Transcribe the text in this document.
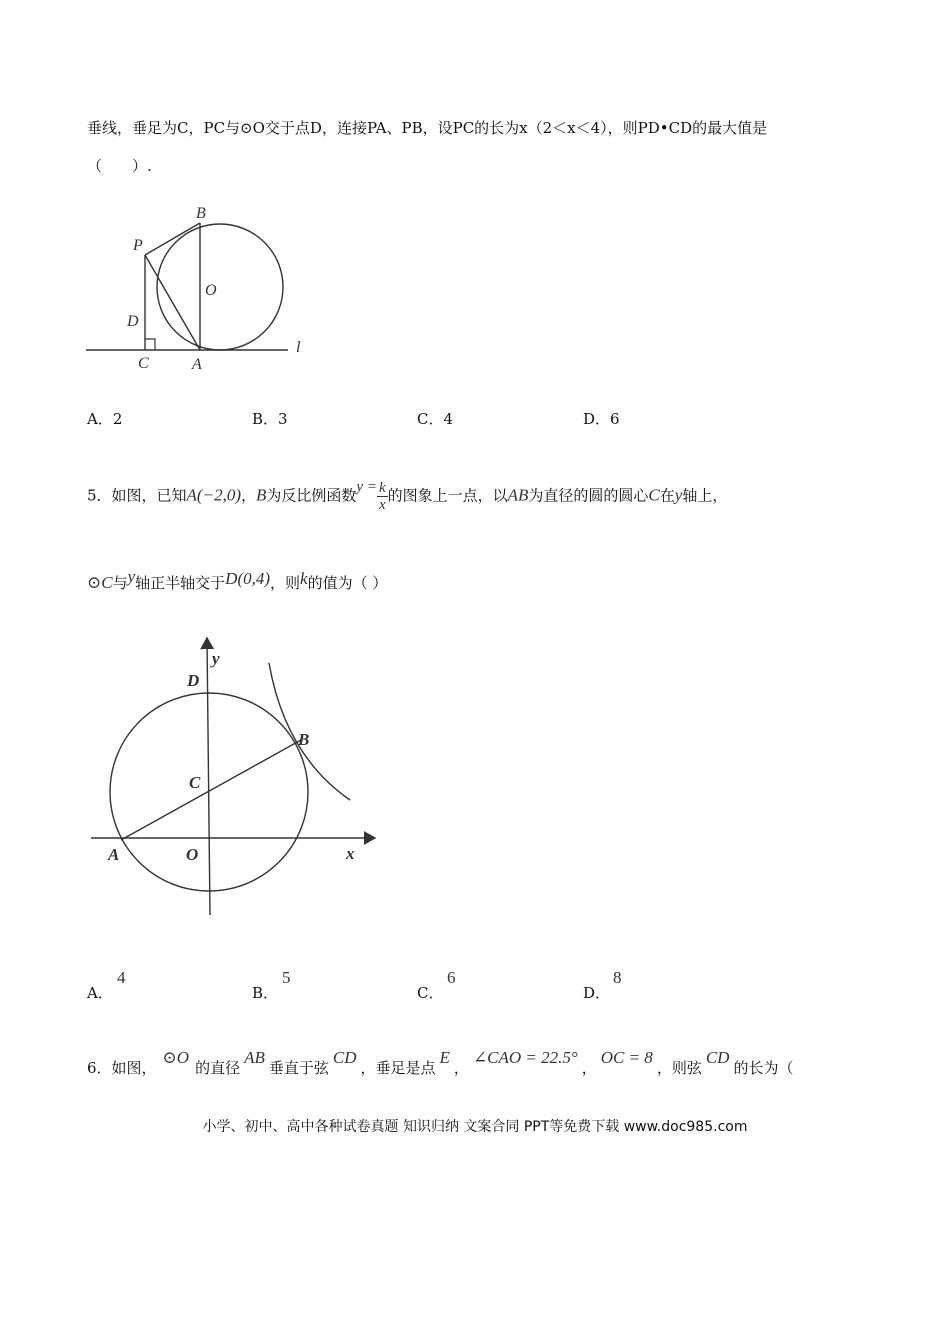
垂线，垂足为C，PC与⊙O交于点D，连接PA、PB，设PC的长为x（2＜x＜4），则PD•CD的最大值是
（　　）.
B
P
O
D
C	A
l
A．2	B．3	C．4	D．6
5．如图，已知A(−2,0)，B为反比例函数$y = \frac{k}{x}$ 的图象上一点，以AB为直径的圆的圆心C在y轴上，
⊙C与y轴正半轴交于D(0,4)，则k的值为（ ）
y
D
B
C
A	O	x
A．
4
B．
5
C．
6
D．
8
6．如图，⊙O的直径AB垂直于弦CD，垂足是点E，∠CAO = 22.5°，OC = 8，则弦CD的长为（
小学、初中、高中各种试卷真题 知识归纳 文案合同 PPT等免费下载 www.doc985.com
